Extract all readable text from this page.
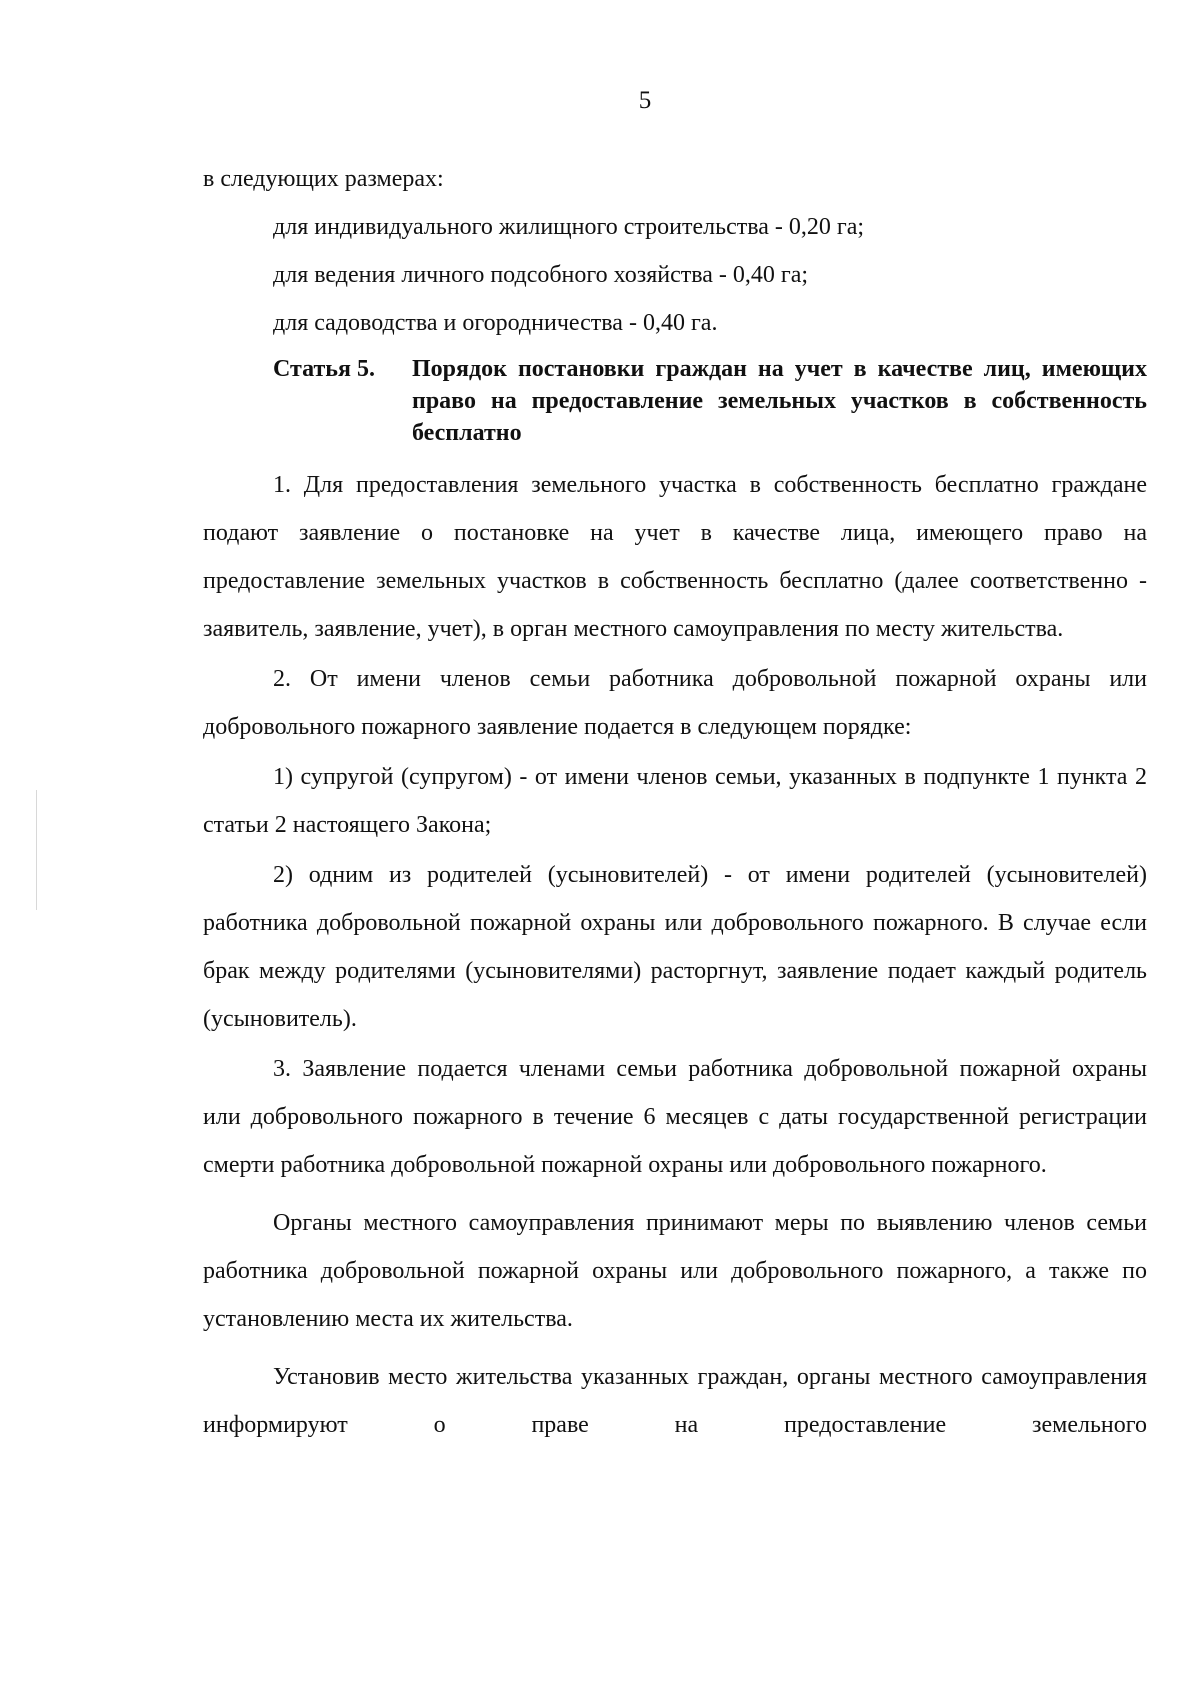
5

в следующих размерах:

для индивидуального жилищного строительства - 0,20 га;

для ведения личного подсобного хозяйства - 0,40 га;

для садоводства и огородничества - 0,40 га.

Статья 5.	Порядок постановки граждан на учет в качестве лиц, имеющих право на предоставление земельных участков в собственность бесплатно

1. Для предоставления земельного участка в собственность бесплатно граждане подают заявление о постановке на учет в качестве лица, имеющего право на предоставление земельных участков в собственность бесплатно (далее соответственно - заявитель, заявление, учет), в орган местного самоуправления по месту жительства.

2. От имени членов семьи работника добровольной пожарной охраны или добровольного пожарного заявление подается в следующем порядке:

1) супругой (супругом) - от имени членов семьи, указанных в подпункте 1 пункта 2 статьи 2 настоящего Закона;

2) одним из родителей (усыновителей) - от имени родителей (усыновителей) работника добровольной пожарной охраны или добровольного пожарного. В случае если брак между родителями (усыновителями) расторгнут, заявление подает каждый родитель (усыновитель).

3. Заявление подается членами семьи работника добровольной пожарной охраны или добровольного пожарного в течение 6 месяцев с даты государственной регистрации смерти работника добровольной пожарной охраны или добровольного пожарного.

Органы местного самоуправления принимают меры по выявлению членов семьи работника добровольной пожарной охраны или добровольного пожарного, а также по установлению места их жительства.

Установив место жительства указанных граждан, органы местного самоуправления информируют о праве на предоставление земельного
